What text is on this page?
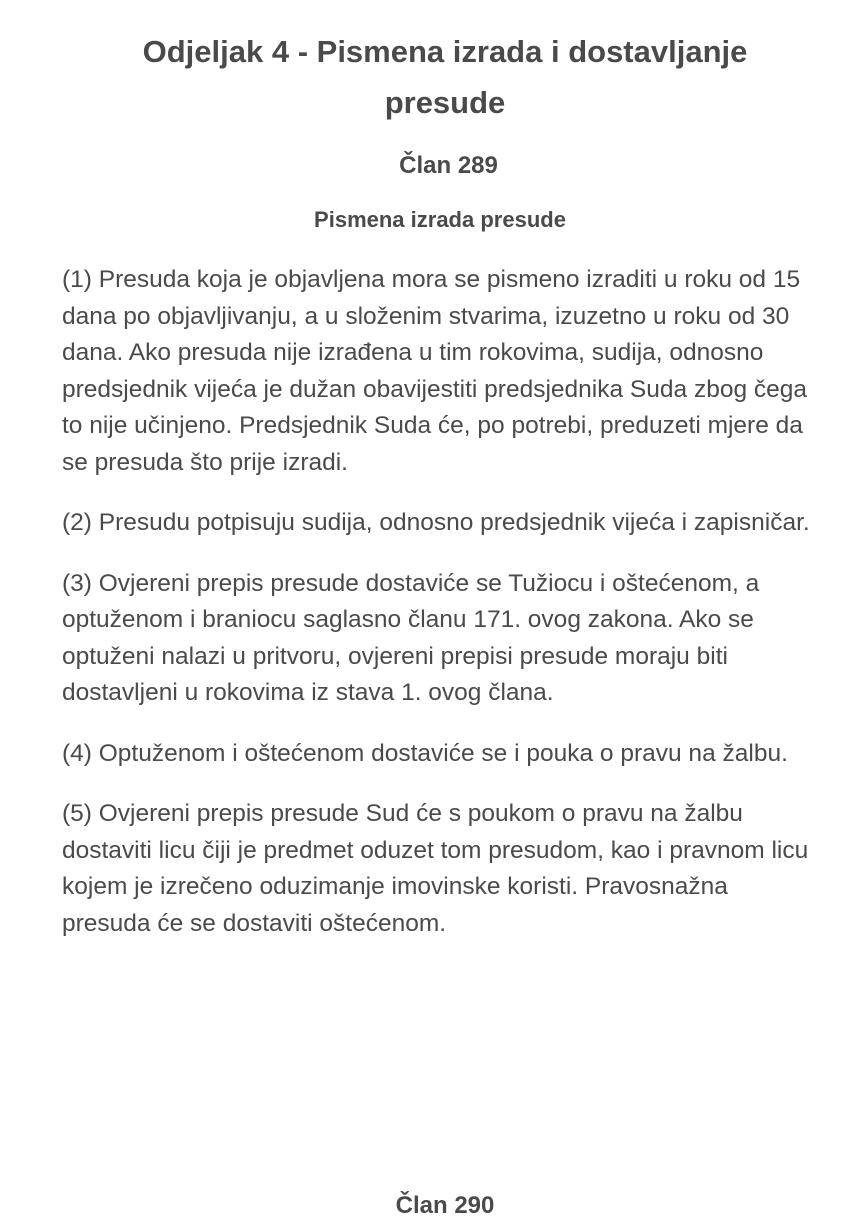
Odjeljak 4 - Pismena izrada i dostavljanje presude
Član 289
Pismena izrada presude

(1) Presuda koja je objavljena mora se pismeno izraditi u roku od 15 dana po objavljivanju, a u složenim stvarima, izuzetno u roku od 30 dana. Ako presuda nije izrađena u tim rokovima, sudija, odnosno predsjednik vijeća je dužan obavijestiti predsjednika Suda zbog čega to nije učinjeno. Predsjednik Suda će, po potrebi, preduzeti mjere da se presuda što prije izradi.

(2) Presudu potpisuju sudija, odnosno predsjednik vijeća i zapisničar.

(3) Ovjereni prepis presude dostaviće se Tužiocu i oštećenom, a optuženom i braniocu saglasno članu 171. ovog zakona. Ako se optuženi nalazi u pritvoru, ovjereni prepisi presude moraju biti dostavljeni u rokovima iz stava 1. ovog člana.

(4) Optuženom i oštećenom dostaviće se i pouka o pravu na žalbu.

(5) Ovjereni prepis presude Sud će s poukom o pravu na žalbu dostaviti licu čiji je predmet oduzet tom presudom, kao i pravnom licu kojem je izrečeno oduzimanje imovinske koristi. Pravosnažna presuda će se dostaviti oštećenom.

Član 290
